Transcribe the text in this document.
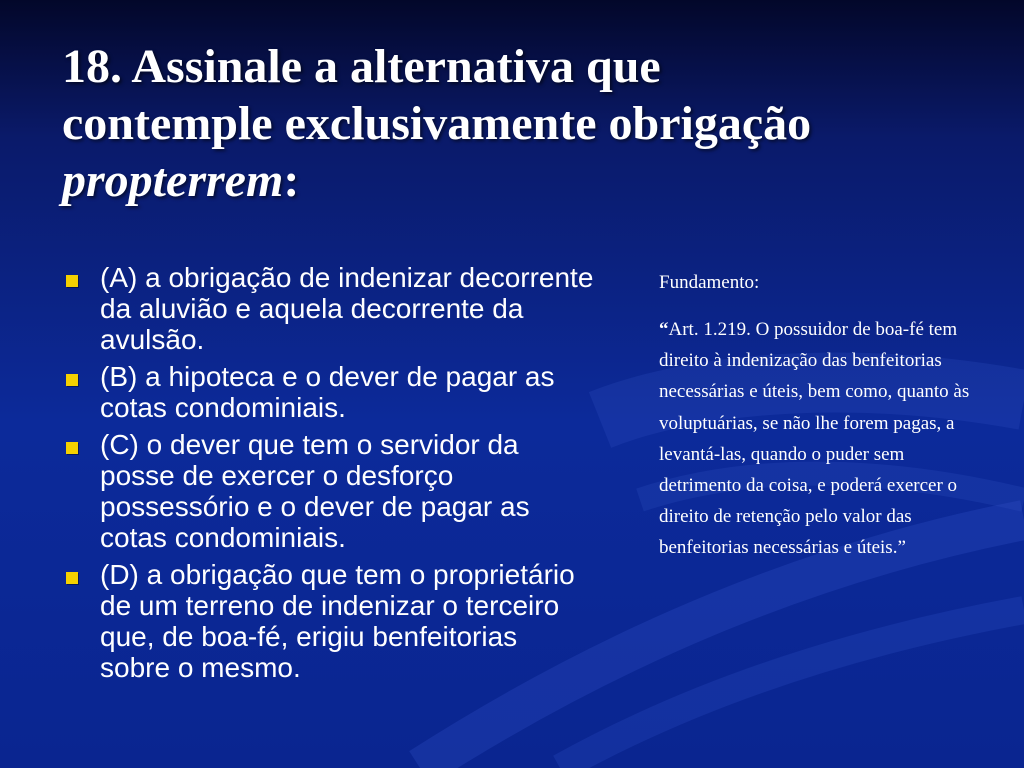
18. Assinale a alternativa que
contemple exclusivamente obrigação
propterrem:
(A) a obrigação de indenizar decorrente da aluvião e aquela decorrente da avulsão.
(B) a hipoteca e o dever de pagar as cotas condominiais.
(C) o dever que tem o servidor da posse de exercer o desforço possessório e o dever de pagar as cotas condominiais.
(D) a obrigação que tem o proprietário de um terreno de indenizar o terceiro que, de boa-fé, erigiu benfeitorias sobre o mesmo.
Fundamento:
“Art. 1.219. O possuidor de boa-fé tem direito à indenização das benfeitorias necessárias e úteis, bem como, quanto às voluptuárias, se não lhe forem pagas, a levantá-las, quando o puder sem detrimento da coisa, e poderá exercer o direito de retenção pelo valor das benfeitorias necessárias e úteis.”
